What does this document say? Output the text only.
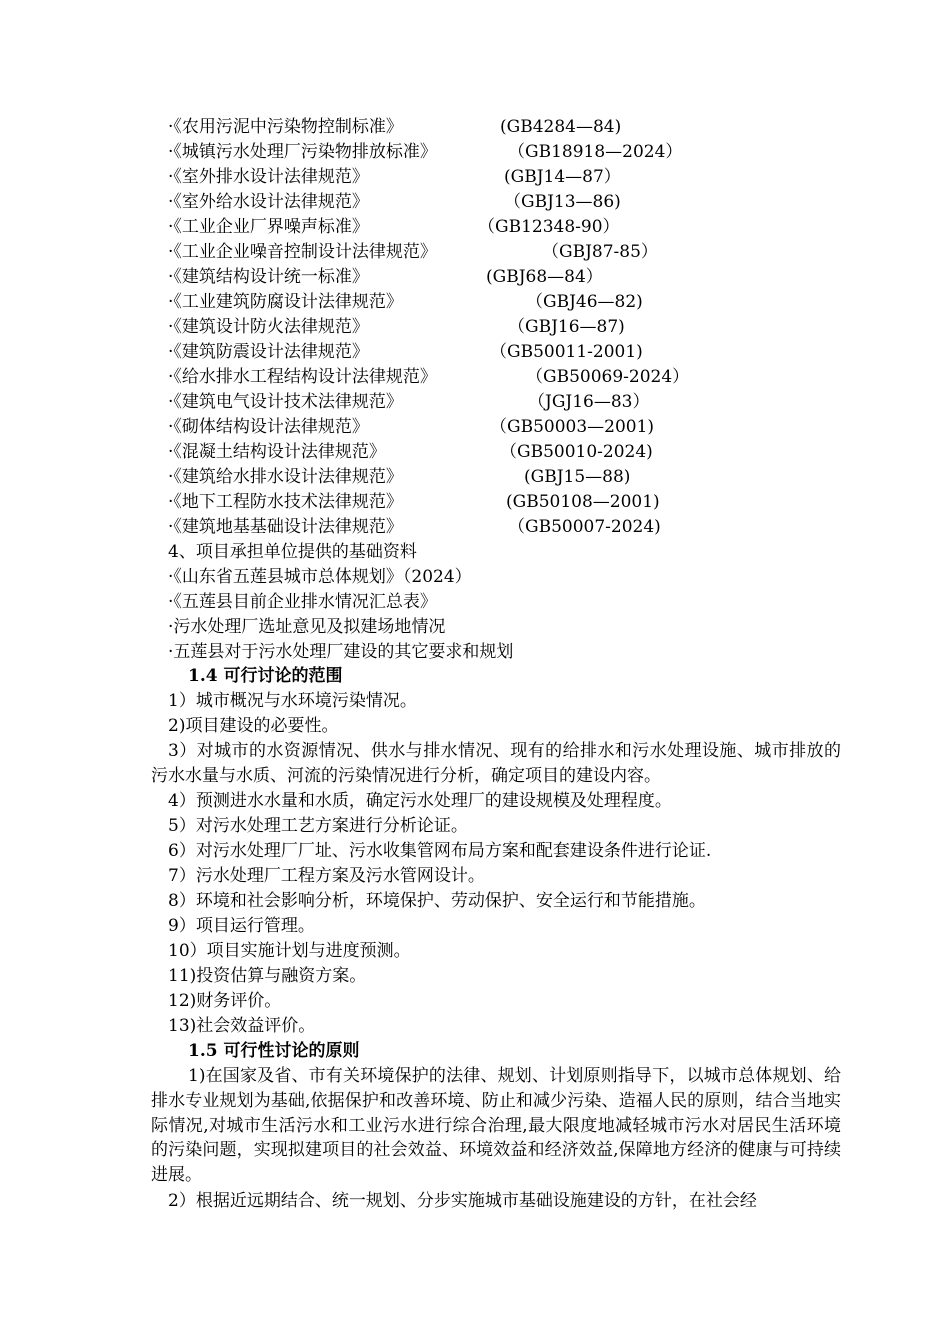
·《农用污泥中污染物控制标准》	(GB4284—84)
·《城镇污水处理厂污染物排放标准》	（GB18918—2024）
·《室外排水设计法律规范》	(GBJ14—87）
·《室外给水设计法律规范》	（GBJ13—86)
·《工业企业厂界噪声标准》	（GB12348-90）
·《工业企业噪音控制设计法律规范》	（GBJ87-85）
·《建筑结构设计统一标准》	(GBJ68—84）
·《工业建筑防腐设计法律规范》	（GBJ46—82)
·《建筑设计防火法律规范》	（GBJ16—87)
·《建筑防震设计法律规范》	（GB50011-2001)
·《给水排水工程结构设计法律规范》	（GB50069-2024）
·《建筑电气设计技术法律规范》	（JGJ16—83）
·《砌体结构设计法律规范》	（GB50003—2001)
·《混凝土结构设计法律规范》	（GB50010-2024)
·《建筑给水排水设计法律规范》	(GBJ15—88)
·《地下工程防水技术法律规范》	(GB50108—2001)
·《建筑地基基础设计法律规范》	（GB50007-2024)
4、项目承担单位提供的基础资料
·《山东省五莲县城市总体规划》（2024）
·《五莲县目前企业排水情况汇总表》
·污水处理厂选址意见及拟建场地情况
·五莲县对于污水处理厂建设的其它要求和规划
1.4 可行讨论的范围
1）城市概况与水环境污染情况。
2)项目建设的必要性。
3）对城市的水资源情况、供水与排水情况、现有的给排水和污水处理设施、城市排放的污水水量与水质、河流的污染情况进行分析，确定项目的建设内容。
4）预测进水水量和水质，确定污水处理厂的建设规模及处理程度。
5）对污水处理工艺方案进行分析论证。
6）对污水处理厂厂址、污水收集管网布局方案和配套建设条件进行论证.
7）污水处理厂工程方案及污水管网设计。
8）环境和社会影响分析，环境保护、劳动保护、安全运行和节能措施。
9）项目运行管理。
10）项目实施计划与进度预测。
11)投资估算与融资方案。
12)财务评价。
13)社会效益评价。
1.5 可行性讨论的原则
1)在国家及省、市有关环境保护的法律、规划、计划原则指导下，以城市总体规划、给排水专业规划为基础,依据保护和改善环境、防止和减少污染、造福人民的原则，结合当地实际情况,对城市生活污水和工业污水进行综合治理,最大限度地减轻城市污水对居民生活环境的污染问题，实现拟建项目的社会效益、环境效益和经济效益,保障地方经济的健康与可持续进展。
2）根据近远期结合、统一规划、分步实施城市基础设施建设的方针，在社会经
